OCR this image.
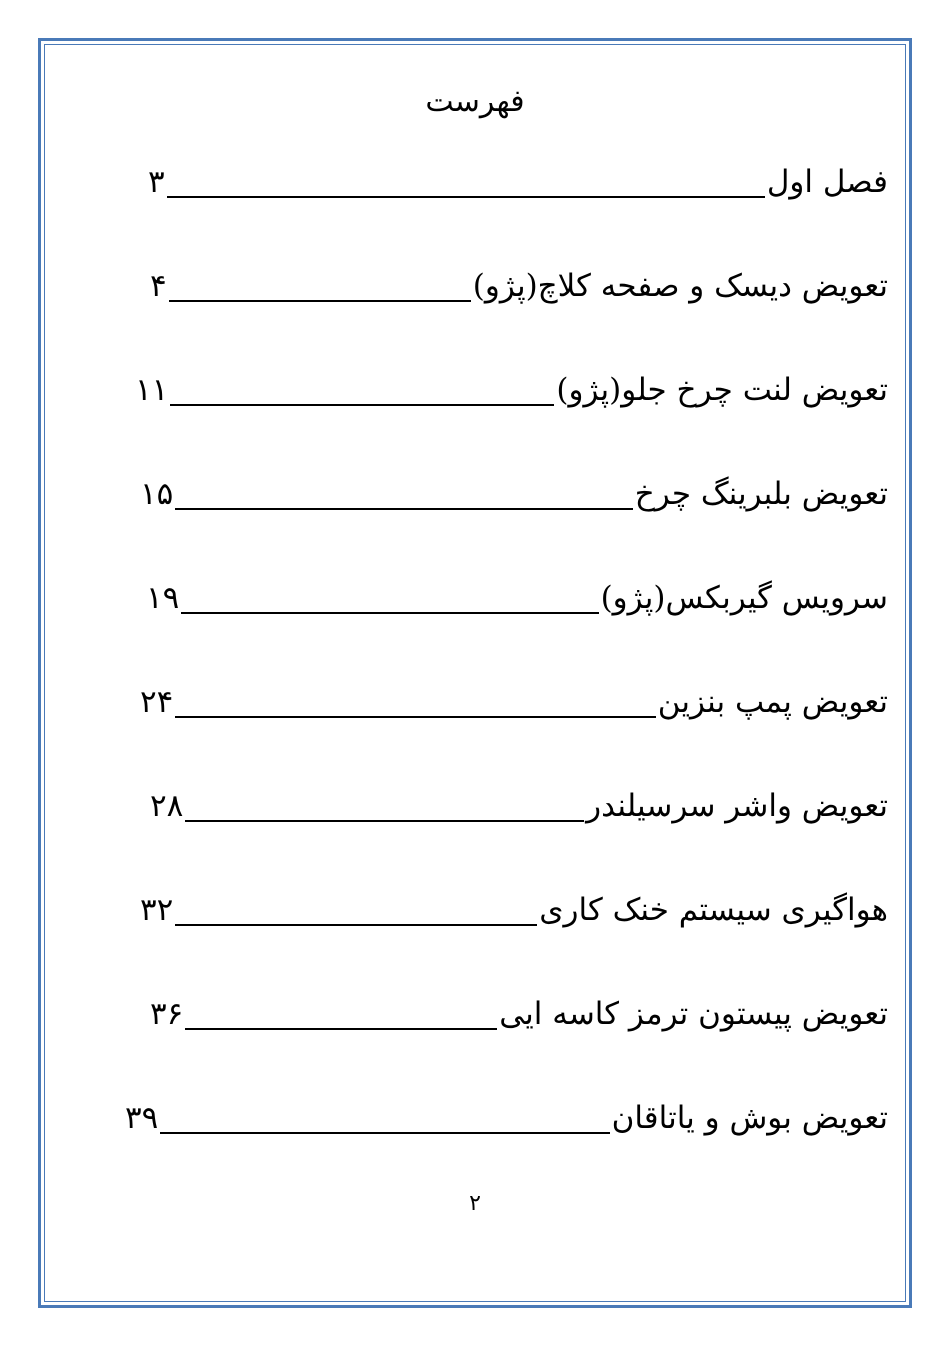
فهرست
فصل اول
۳
تعویض دیسک و صفحه کلاچ(پژو)
۴
تعویض لنت چرخ جلو(پژو)
۱۱
تعویض بلبرینگ چرخ
۱۵
سرویس گیربکس(پژو)
۱۹
تعویض پمپ بنزین
۲۴
تعویض واشر سرسیلندر
۲۸
هواگیری سیستم خنک کاری
۳۲
تعویض پیستون ترمز کاسه ایی
۳۶
تعویض بوش و یاتاقان
۳۹
۲
